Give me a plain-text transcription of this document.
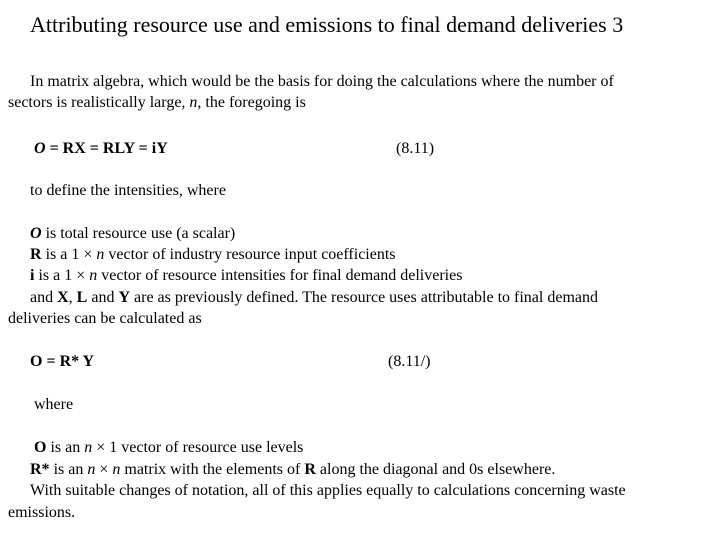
Attributing resource use and emissions to final demand deliveries 3
In matrix algebra, which would be the basis for doing the calculations where the number of
sectors is realistically large, n, the foregoing is
O = RX = RLY = iY	(8.11)
to define the intensities, where
O is total resource use (a scalar)
R is a 1 × n vector of industry resource input coefficients
i is a 1 × n vector of resource intensities for final demand deliveries
and X, L and Y are as previously defined. The resource uses attributable to final demand
deliveries can be calculated as
O = R* Y	(8.11/)
where
O is an n × 1 vector of resource use levels
R* is an n × n matrix with the elements of R along the diagonal and 0s elsewhere.
With suitable changes of notation, all of this applies equally to calculations concerning waste
emissions.
